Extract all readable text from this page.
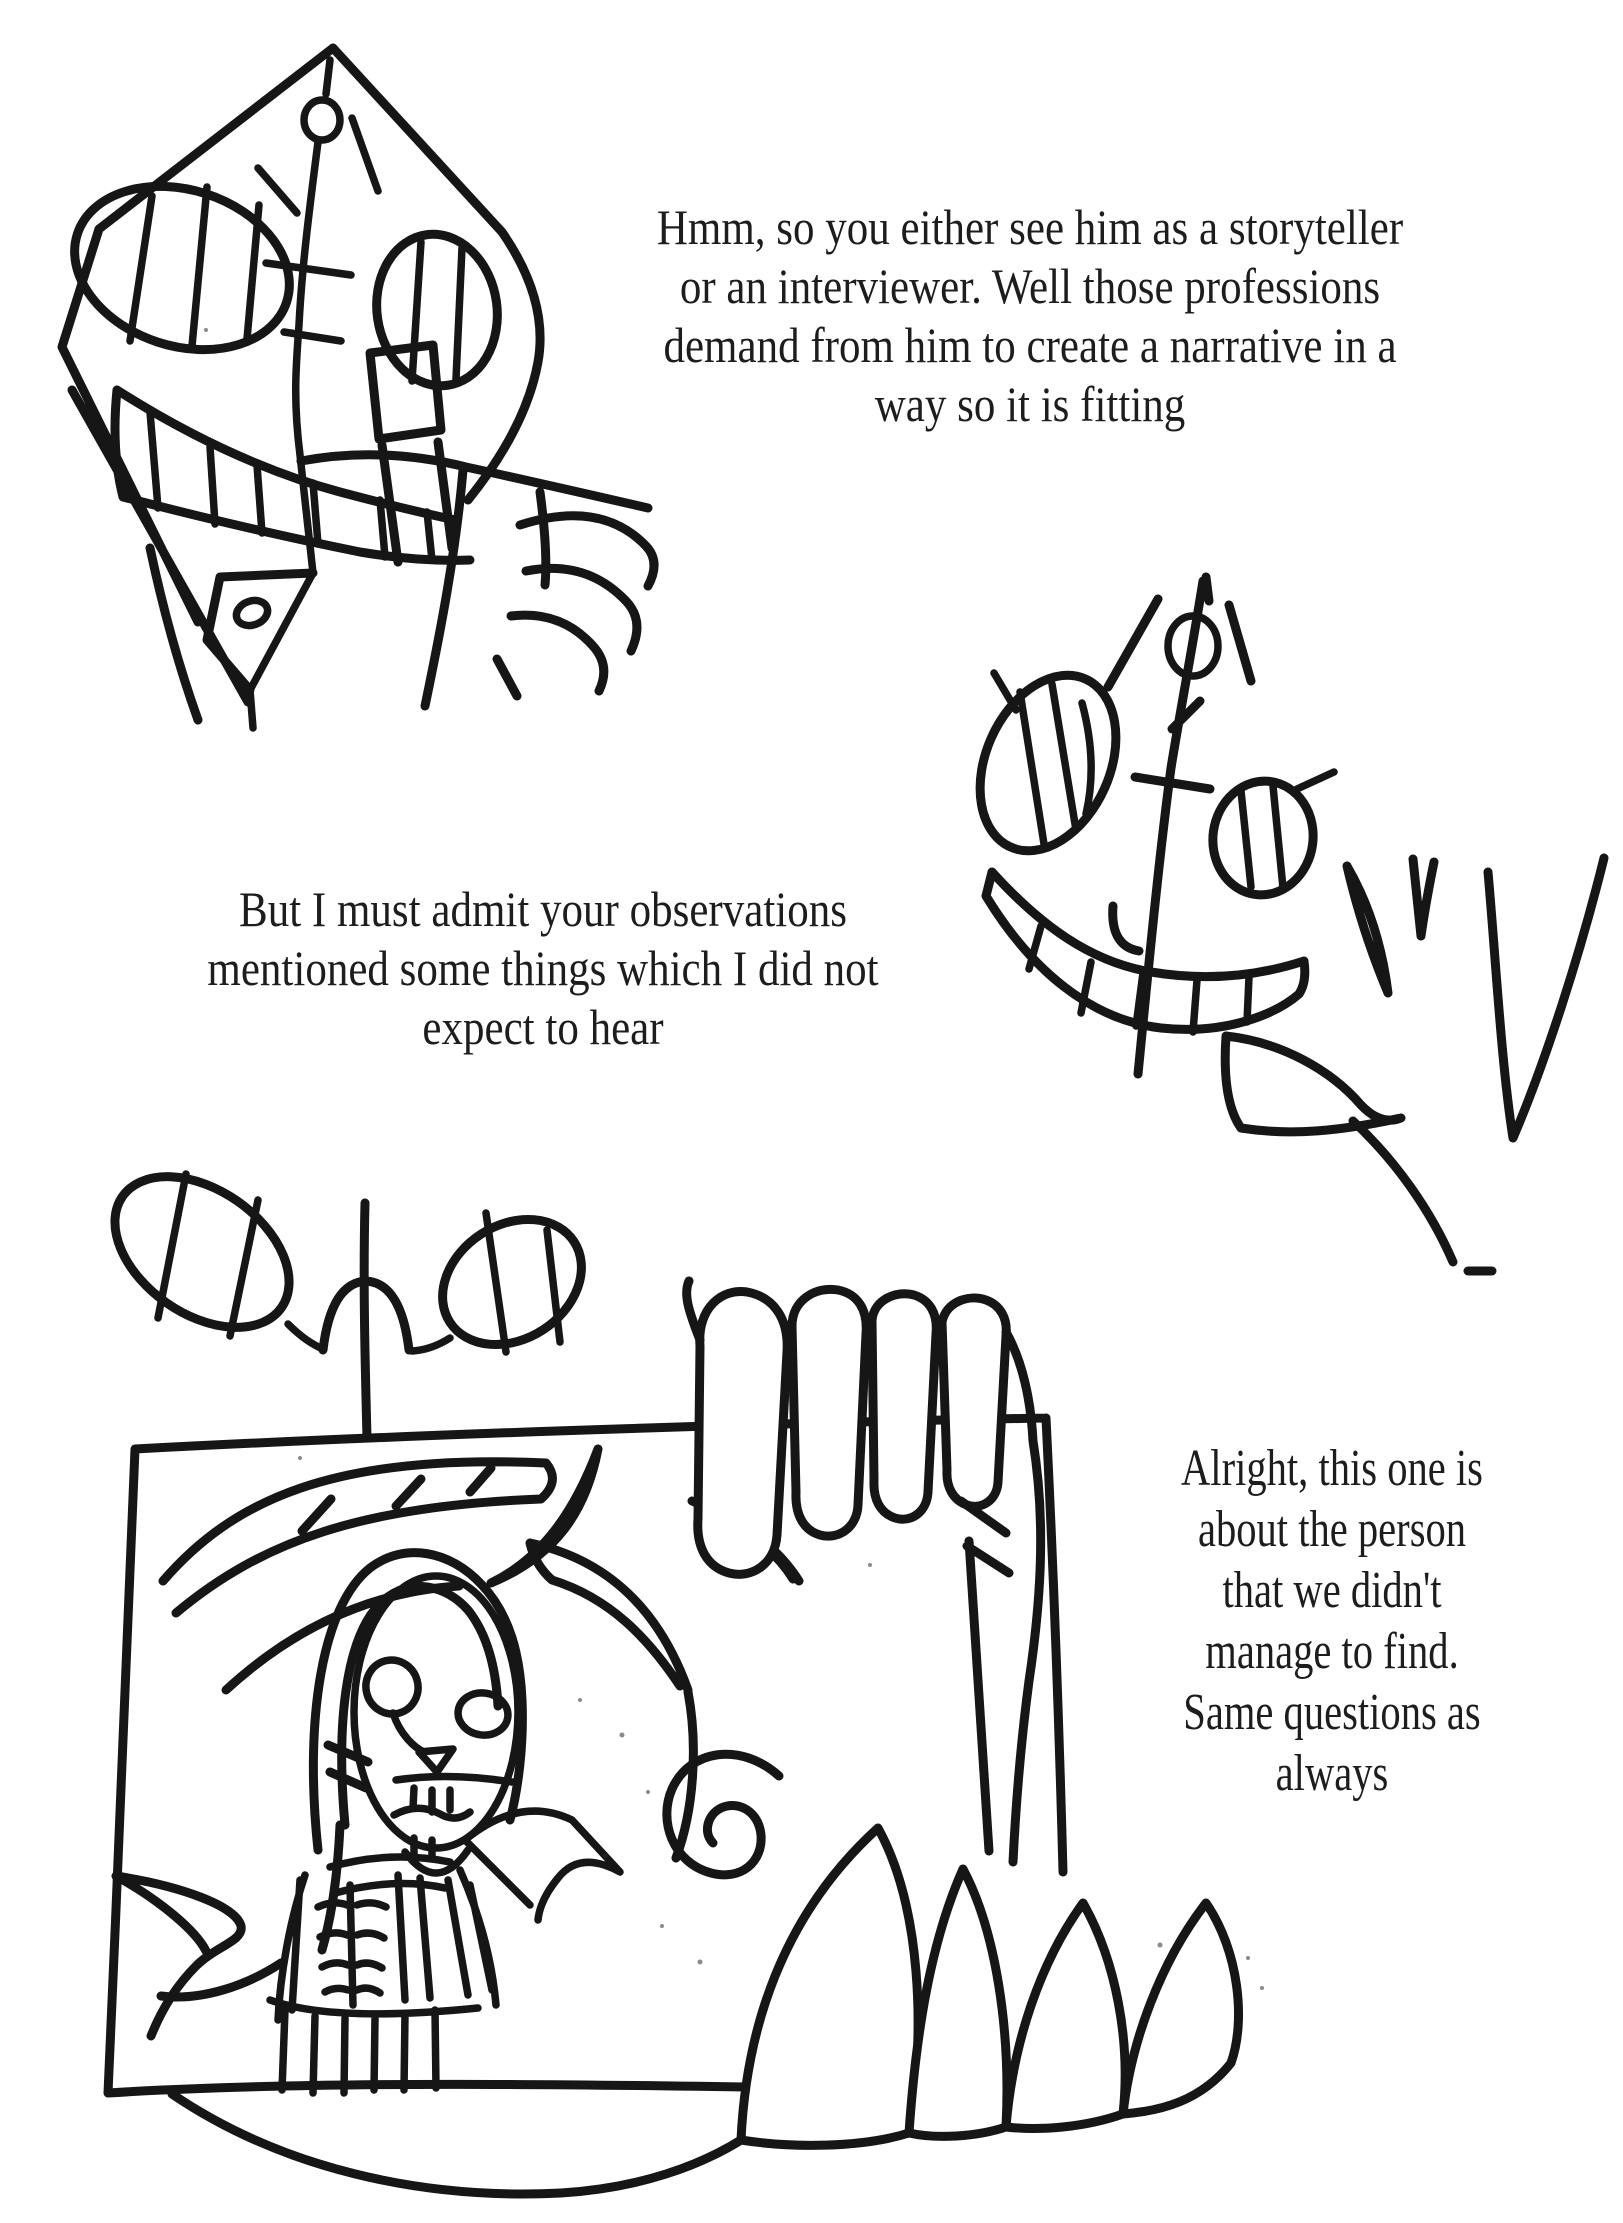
Hmm, so you either see him as a storyteller
or an interviewer. Well those professions
demand from him to create a narrative in a
way so it is fitting
But I must admit your observations
mentioned some things which I did not
expect to hear
Alright, this one is
about the person
that we didn't
manage to find.
Same questions as
always
